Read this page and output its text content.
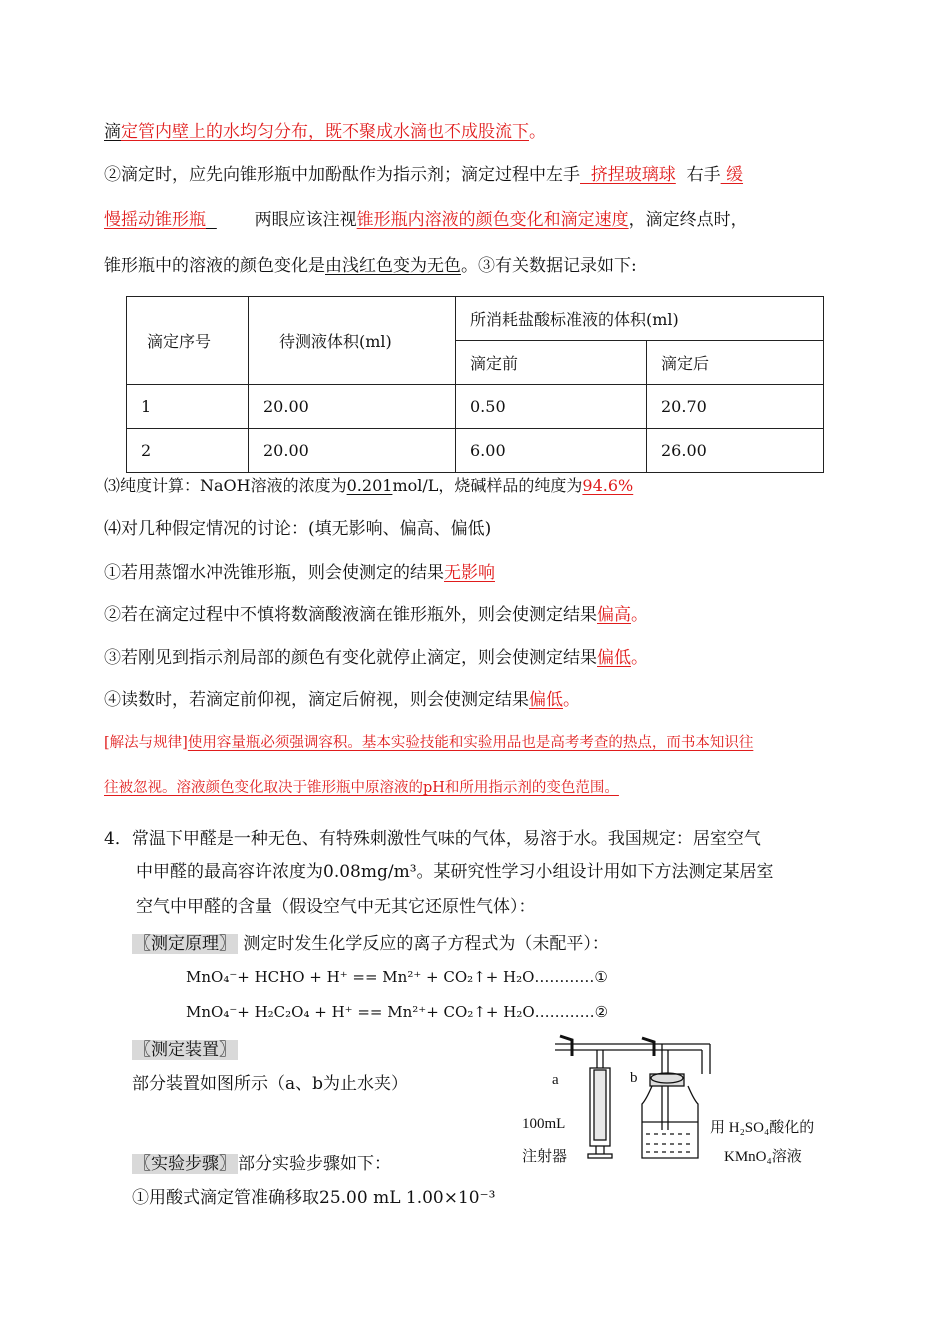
滴定管内壁上的水均匀分布，既不聚成水滴也不成股流下。
②滴定时，应先向锥形瓶中加酚酞作为指示剂；滴定过程中左手  挤捏玻璃球  右手 缓
慢摇动锥形瓶         两眼应该注视锥形瓶内溶液的颜色变化和滴定速度，滴定终点时，
锥形瓶中的溶液的颜色变化是由浅红色变为无色。③有关数据记录如下:
滴定序号	待测液体积(ml)	所消耗盐酸标准液的体积(ml)	
		滴定前	滴定后
1	20.00	0.50	20.70
2	20.00	6.00	26.00
⑶纯度计算：NaOH溶液的浓度为0.201mol/L，烧碱样品的纯度为94.6%
⑷对几种假定情况的讨论：(填无影响、偏高、偏低)
①若用蒸馏水冲洗锥形瓶，则会使测定的结果无影响
②若在滴定过程中不慎将数滴酸液滴在锥形瓶外，则会使测定结果偏高。
③若刚见到指示剂局部的颜色有变化就停止滴定，则会使测定结果偏低。
④读数时，若滴定前仰视，滴定后俯视，则会使测定结果偏低。
[解法与规律]使用容量瓶必须强调容积。基本实验技能和实验用品也是高考考查的热点，而书本知识往
往被忽视。溶液颜色变化取决于锥形瓶中原溶液的pH和所用指示剂的变色范围。
4．常温下甲醛是一种无色、有特殊刺激性气味的气体，易溶于水。我国规定：居室空气
中甲醛的最高容许浓度为0.08mg/m³。某研究性学习小组设计用如下方法测定某居室
空气中甲醛的含量（假设空气中无其它还原性气体）：
〖测定原理〗 测定时发生化学反应的离子方程式为（未配平）：
MnO₄⁻+ HCHO + H⁺ == Mn²⁺ + CO₂↑+ H₂O…………①
MnO₄⁻+ H₂C₂O₄ + H⁺ == Mn²⁺+ CO₂↑+ H₂O…………②
〖测定装置〗
部分装置如图所示（a、b为止水夹）
〖实验步骤〗 部分实验步骤如下：
①用酸式滴定管准确移取25.00 mL 1.00×10⁻³
a	b
100mL
注射器
用 H₂SO₄酸化的
KMnO₄溶液
